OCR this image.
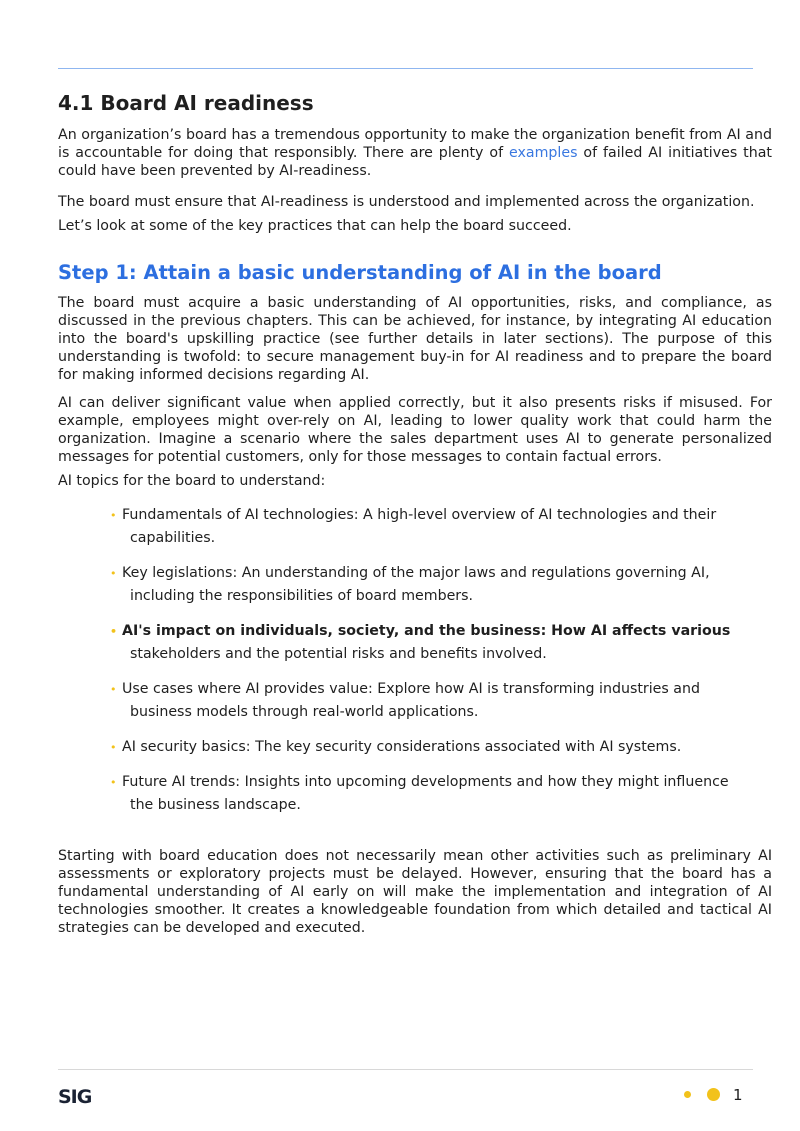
4.1 Board AI readiness

An organization’s board has a tremendous opportunity to make the organization benefit from AI and is accountable for doing that responsibly. There are plenty of examples of failed AI initiatives that could have been prevented by AI-readiness.

The board must ensure that AI-readiness is understood and implemented across the organization. Let’s look at some of the key practices that can help the board succeed.

Step 1: Attain a basic understanding of AI in the board

The board must acquire a basic understanding of AI opportunities, risks, and compliance, as discussed in the previous chapters. This can be achieved, for instance, by integrating AI education into the board's upskilling practice (see further details in later sections). The purpose of this understanding is twofold: to secure management buy-in for AI readiness and to prepare the board for making informed decisions regarding AI.

AI can deliver significant value when applied correctly, but it also presents risks if misused. For example, employees might over-rely on AI, leading to lower quality work that could harm the organization. Imagine a scenario where the sales department uses AI to generate personalized messages for potential customers, only for those messages to contain factual errors.

AI topics for the board to understand:

• Fundamentals of AI technologies: A high-level overview of AI technologies and their
capabilities.
• Key legislations: An understanding of the major laws and regulations governing AI,
including the responsibilities of board members.
• AI's impact on individuals, society, and the business: How AI affects various
stakeholders and the potential risks and benefits involved.
• Use cases where AI provides value: Explore how AI is transforming industries and
business models through real-world applications.
• AI security basics: The key security considerations associated with AI systems.
• Future AI trends: Insights into upcoming developments and how they might influence
the business landscape.

Starting with board education does not necessarily mean other activities such as preliminary AI assessments or exploratory projects must be delayed. However, ensuring that the board has a fundamental understanding of AI early on will make the implementation and integration of AI technologies smoother. It creates a knowledgeable foundation from which detailed and tactical AI strategies can be developed and executed.

SIG	1
